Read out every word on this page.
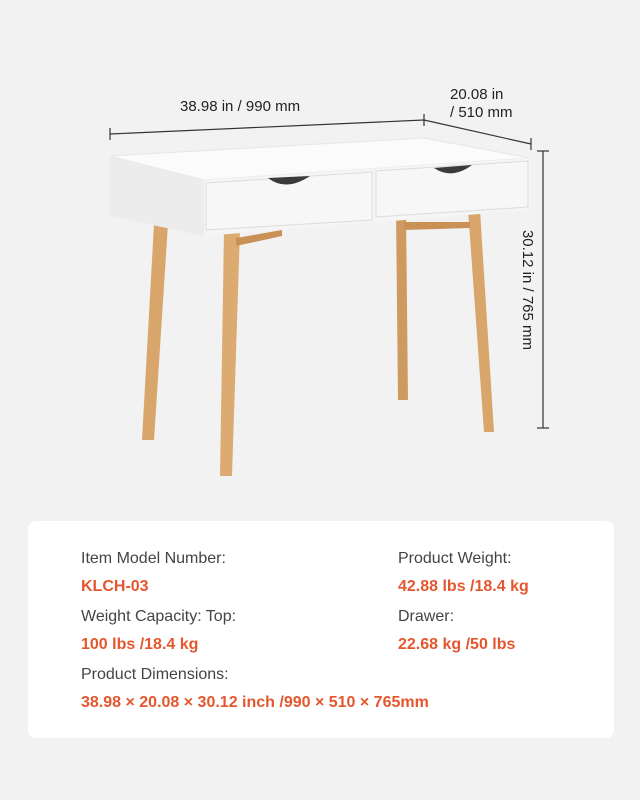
38.98 in / 990 mm
20.08 in
/ 510 mm
30.12 in / 765 mm
Item Model Number:
KLCH-03
Weight Capacity: Top:
100 lbs /18.4 kg
Product Dimensions:
38.98 × 20.08 × 30.12 inch /990 × 510 × 765mm
Product Weight:
42.88 lbs /18.4 kg
Drawer:
22.68 kg /50 lbs
